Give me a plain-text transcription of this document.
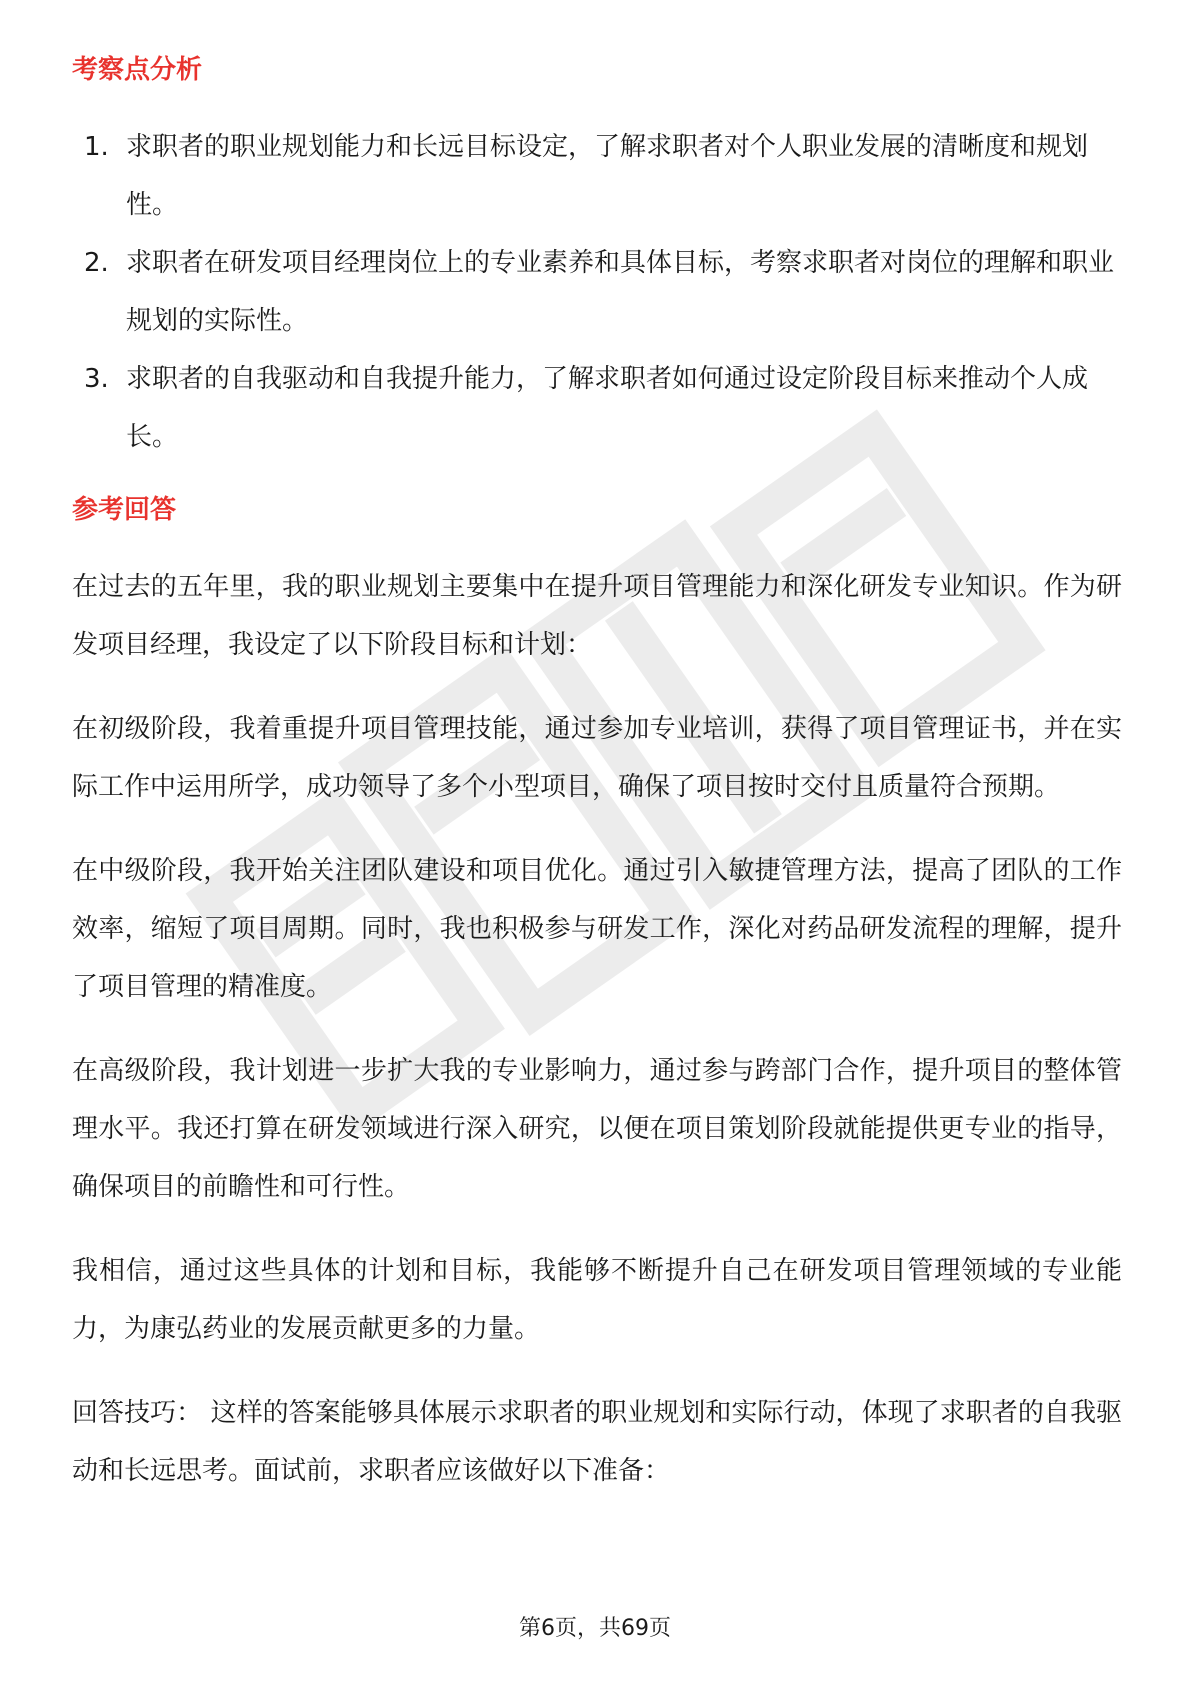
考察点分析
1. 求职者的职业规划能力和长远目标设定，了解求职者对个人职业发展的清晰度和规划性。
2. 求职者在研发项目经理岗位上的专业素养和具体目标，考察求职者对岗位的理解和职业规划的实际性。
3. 求职者的自我驱动和自我提升能力，了解求职者如何通过设定阶段目标来推动个人成长。
参考回答

在过去的五年里，我的职业规划主要集中在提升项目管理能力和深化研发专业知识。作为研发项目经理，我设定了以下阶段目标和计划：

在初级阶段，我着重提升项目管理技能，通过参加专业培训，获得了项目管理证书，并在实际工作中运用所学，成功领导了多个小型项目，确保了项目按时交付且质量符合预期。

在中级阶段，我开始关注团队建设和项目优化。通过引入敏捷管理方法，提高了团队的工作效率，缩短了项目周期。同时，我也积极参与研发工作，深化对药品研发流程的理解，提升了项目管理的精准度。

在高级阶段，我计划进一步扩大我的专业影响力，通过参与跨部门合作，提升项目的整体管理水平。我还打算在研发领域进行深入研究，以便在项目策划阶段就能提供更专业的指导，确保项目的前瞻性和可行性。

我相信，通过这些具体的计划和目标，我能够不断提升自己在研发项目管理领域的专业能力，为康弘药业的发展贡献更多的力量。

回答技巧： 这样的答案能够具体展示求职者的职业规划和实际行动，体现了求职者的自我驱动和长远思考。面试前，求职者应该做好以下准备：

第6页，共69页
